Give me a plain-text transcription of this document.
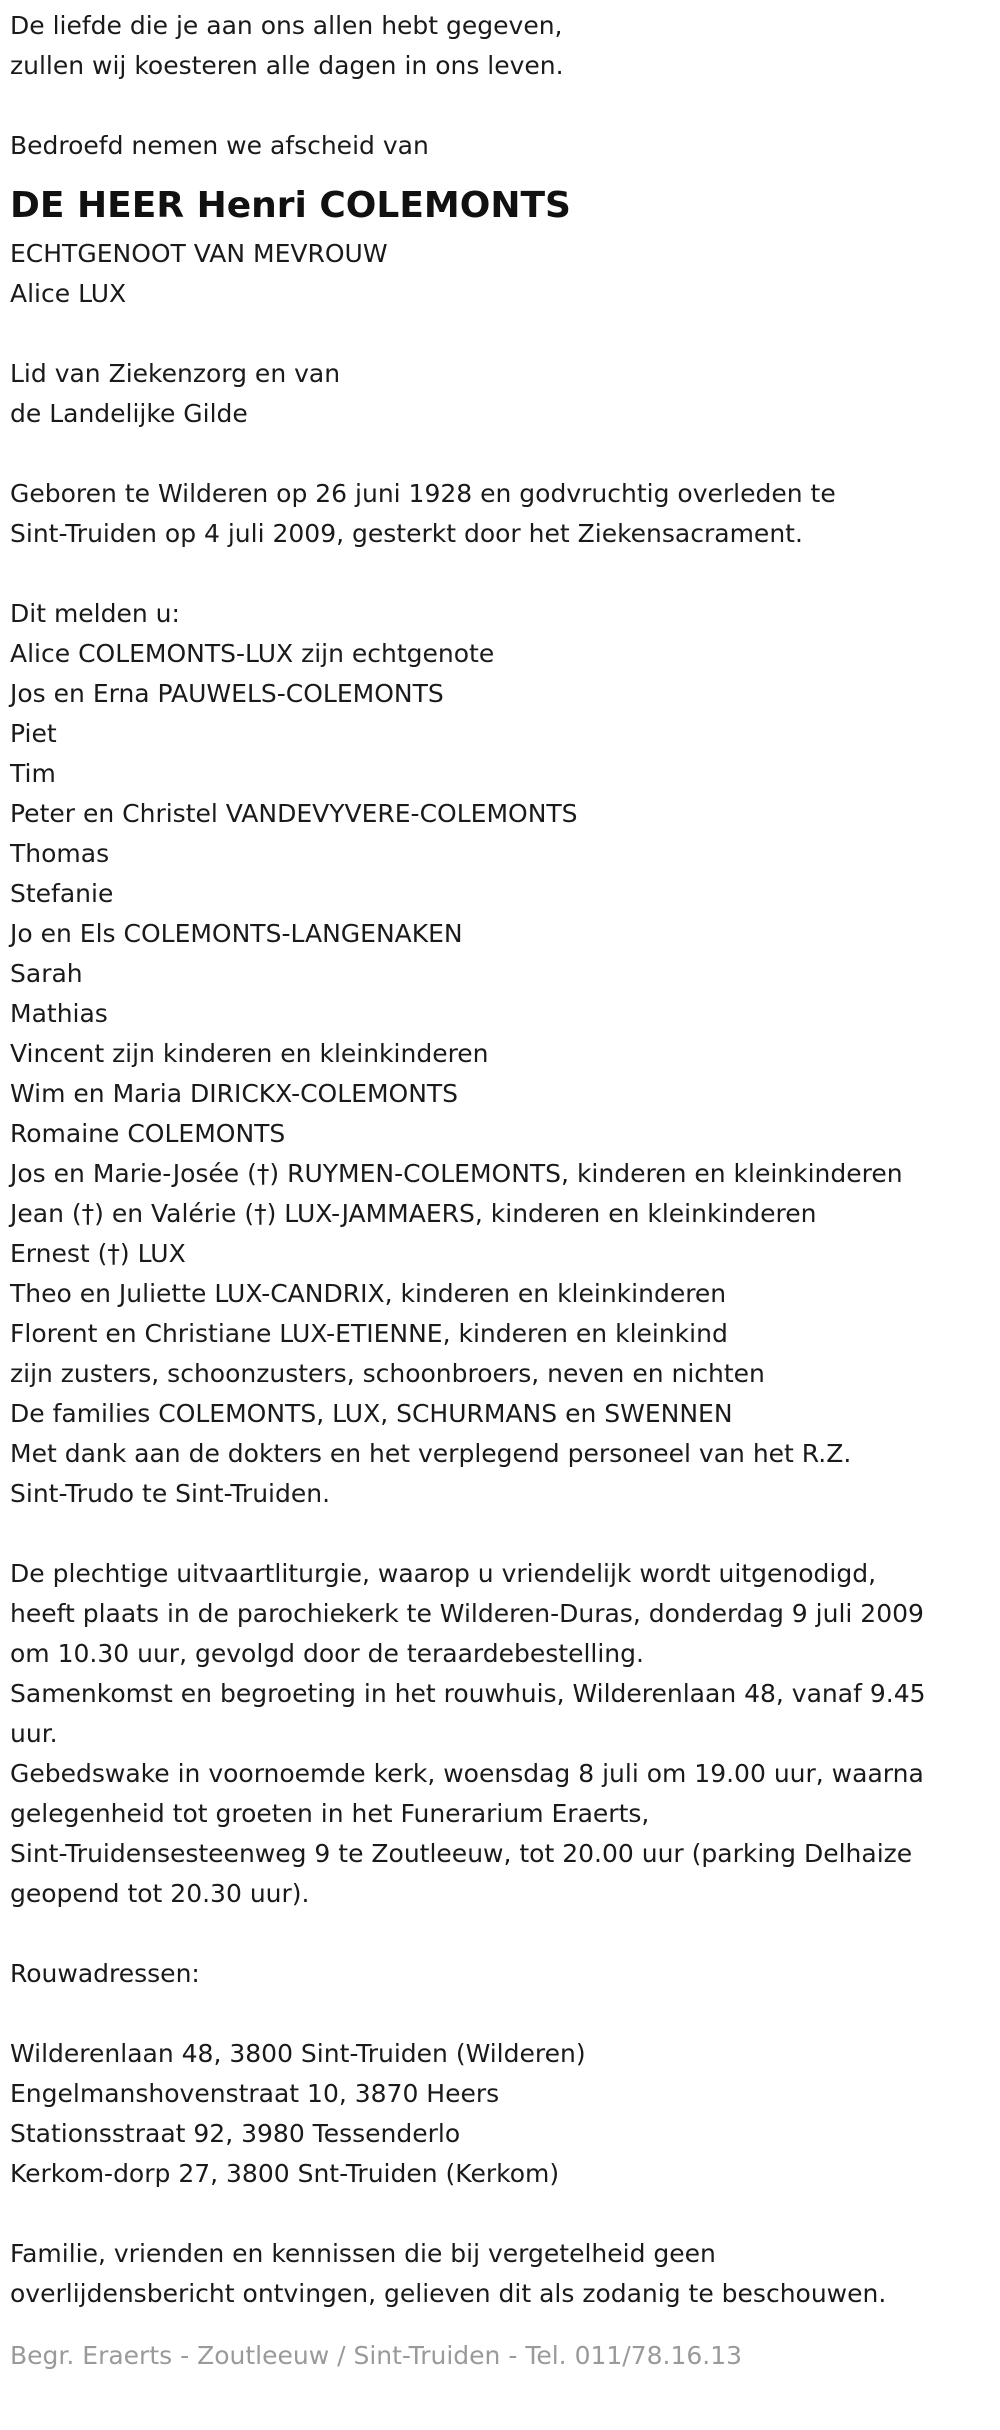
De liefde die je aan ons allen hebt gegeven,

zullen wij koesteren alle dagen in ons leven.

Bedroefd nemen we afscheid van

DE HEER Henri COLEMONTS

ECHTGENOOT VAN MEVROUW

Alice LUX

Lid van Ziekenzorg en van

de Landelijke Gilde

Geboren te Wilderen op 26 juni 1928 en godvruchtig overleden te

Sint-Truiden op 4 juli 2009, gesterkt door het Ziekensacrament.

Dit melden u:

Alice COLEMONTS-LUX zijn echtgenote

Jos en Erna PAUWELS-COLEMONTS

Piet

Tim

Peter en Christel VANDEVYVERE-COLEMONTS

Thomas

Stefanie

Jo en Els COLEMONTS-LANGENAKEN

Sarah

Mathias

Vincent zijn kinderen en kleinkinderen

Wim en Maria DIRICKX-COLEMONTS

Romaine COLEMONTS

Jos en Marie-Josée (†) RUYMEN-COLEMONTS, kinderen en kleinkinderen

Jean (†) en Valérie (†) LUX-JAMMAERS, kinderen en kleinkinderen

Ernest (†) LUX

Theo en Juliette LUX-CANDRIX, kinderen en kleinkinderen

Florent en Christiane LUX-ETIENNE, kinderen en kleinkind

zijn zusters, schoonzusters, schoonbroers, neven en nichten

De families COLEMONTS, LUX, SCHURMANS en SWENNEN

Met dank aan de dokters en het verplegend personeel van het R.Z.

Sint-Trudo te Sint-Truiden.

De plechtige uitvaartliturgie, waarop u vriendelijk wordt uitgenodigd,

heeft plaats in de parochiekerk te Wilderen-Duras, donderdag 9 juli 2009

om 10.30 uur, gevolgd door de teraardebestelling.

Samenkomst en begroeting in het rouwhuis, Wilderenlaan 48, vanaf 9.45

uur.

Gebedswake in voornoemde kerk, woensdag 8 juli om 19.00 uur, waarna

gelegenheid tot groeten in het Funerarium Eraerts,

Sint-Truidensesteenweg 9 te Zoutleeuw, tot 20.00 uur (parking Delhaize

geopend tot 20.30 uur).

Rouwadressen:

Wilderenlaan 48, 3800 Sint-Truiden (Wilderen)

Engelmanshovenstraat 10, 3870 Heers

Stationsstraat 92, 3980 Tessenderlo

Kerkom-dorp 27, 3800 Snt-Truiden (Kerkom)

Familie, vrienden en kennissen die bij vergetelheid geen

overlijdensbericht ontvingen, gelieven dit als zodanig te beschouwen.

Begr. Eraerts - Zoutleeuw / Sint-Truiden - Tel. 011/78.16.13
